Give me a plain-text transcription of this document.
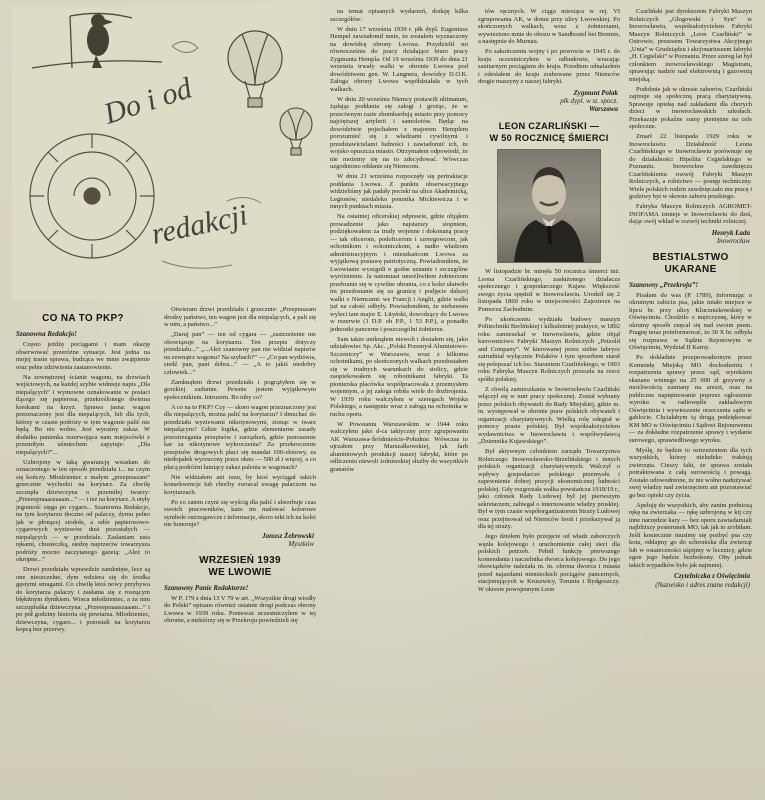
Do i od
redakcji
CO NA TO PKP?
Szanowna Redakcjo!

Często jeżdżę pociągami i mam okazję obserwować przeróżne sytuacje. Jest jedna na mojej trasie sprawa, budząca we mnie zwątpienie oraz pełne zdziwienia zastanowienie.

Na zewnętrznej ścianie wagonu, na drzwiach wejściowych, na każdej szybie widnieje napis „Dla niepalących” i wymowne oznakowanie w postaci tlącego się papierosa, przekreślonego dwiema kreskami na krzyż. Sprawa jasna: wagon przeznaczony jest dla niepalących, lub dla tych, którzy w czasie podróży w tym wagonie palić nie będą. Bo nie wolno. Jest wyraźny zakaz. W dodatku panienka rezerwująca nam miejscówki z przemiłym uśmiechem zapytuje: „Dla niepalących?”...

Uzbrojony w taką gwarancję wsiadam do oznaczonego w ten sposób przedziału i... na czym się kończy. Młodzieniec z małym „przepraszam” grzecznie wychodzi na korytarz. Za chwilę szczupła dziewczyna o przemiłej twarzy: „Przeeepraaaszaaam...” — i też na korytarz. A otyły jegomość sięga po cygaro... Szanowna Redakcjo, na tym korytarzu tłoczno od palaczy, dymu pełno jak w płonącej stodole, a odór papierosowo-cygarowych wyziewów dusi pozostałych — niepalących — w przedziale. Zasłaniam usta rękami, chusteczką, siedzę naprzeciw towarzysza podróży mocno zaczytanego gazetą: „Ależ to okropne...”

Drzwi przedziału wprawdzie zamknięte, lecz są one nieszczelne, dym wdziera się do środka gęstymi smugami. Co chwilę ktoś nowy przybywa do korytarza palaczy i zasłania się z rosnącym błękitnym dymkiem. Wraca młodzieniec, a za nim szczupluśka dziewczyna: „Przeeepraaaszaaam...” i po pół godziny historia się powtarza. Młodzieniec, dziewczyna, cygaro... i pozostali na korytarzu kopcą bez przerwy.

Otwieram drzwi przedziału i grzecznie: „Przepraszam drodzy państwo, ten wagon jest dla niepalących, a pali się w nim, a państwo...”

„Daruj pan” — ten od cygara — „zastrzeżenie nie obowiązuje na korytarzu. Ten przepis dotyczy przedziału...” „...Ależ szanowny pan nie widział napisów na zewnątrz wagonu? Na szybach?” — „Co pan wydziwia, siedź pan, pani dobra...” — „A to jakiś niedobry człowiek...”

Zamknąłem drzwi przedziału i pogrążyłem się w gorzkiej zadumie. Pewnie jestem wyjątkowym społecznikiem. Intruzem. Bo niby co?

A co na to PKP? Czy — skoro wagon przeznaczony jest dla niepalących, można palić na korytarzu? I dmuchać do przedziału wyziewami nikotynowymi, zionąc w twarz niepalącym? Gdzie logika, gdzie elementarne zasady przestrzegania przepisów i zarządzeń, gdzie ponoszenie kar za nikotynowe wykroczenia? Za przekroczenie przepisów drogowych płaci się mandat 100-złotowy, za niedopałek wyrzucony przez okno — 500 zł i więcej, a co płacą podróżni łamiący zakaz palenia w wagonach?

Nie widziałem ani razu, by ktoś wyciągał takich konsekwencje lub choćby zwracał uwagę palaczom na korytarzach.

Po co zatem czyni się wyścig dla palić i absorbuje czas swoich pracowników, każe im malować kolorowe symbole ostrzegawcze i informacje, skoro nikt ich na kolei nie honoruje?

Janusz Żebrowski
Myszków
WRZESIEŃ 1939
WE LWOWIE
Szanowny Panie Redaktorze!

W P. 179 z dnia 13 V 79 w art. „Wszystkie drogi wiodły do Polski” opisano również ostatnie drogi podczas obrony Lwowa w 1939 roku. Ponieważ uczestniczyłem w tej obronie, a niektórzy się w Przekroju powiedzieli się

na temat opisanych wydarzeń, dodaję kilka szczegółów:

W dniu 17 września 1939 r. płk dypl. Eugeniusz Hempel zawiadomił mnie, że zostałem wyznaczony na dowódcę obrony Lwowa. Przydzielił mi równocześnie do pracy działające biuro pracy Zygmunta Hempla. Od 19 września 1939 do dnia 21 września trwały walki w obronie Lwowa pod dowództwem gen. W. Langnera, dowódcy D.O.K. Załoga obrony Lwowa współdziałała w tych walkach.

W dniu 20 września Niemcy postawili ultimatum, żądając poddania się załogi i grożąc, że w przeciwnym razie zbombardują miasto przy pomocy najcięższej artylerii i samolotów. Będąc na dowództwie pojechałem z majorem Hemplem porozumieć się z władzami cywilnymi i przedstawicielami ludności i zawiadomić ich, że wojsko opuszcza miasto. Otrzymałem odpowiedź, że nie możemy się na to zdecydować. Wówczas uzgodniono oddanie się Niemcom.

W dniu 21 września rozpoczęły się pertraktacje poddania Lwowa. Z punktu obserwacyjnego widzieliśmy jak padały pociski na ulice Akademicką, Legionów, niedaleko pomnika Mickiewicza i w innych punktach miasta.

Na ostatniej oficerskiej odprawie, gdzie objąłem prowadzenie jako najstarszy stopniem, podziękowałem za trudy wojenne i dokonaną pracę — tak oficerom, podoficerom i szeregowcom, jak ochotnikom i ochotniczkom, a nadto władzom administracyjnym i mieszkańcom Lwowa za wyjątkową postawę patriotyczną. Powiadomiłem, że Lwowianie wystąpili o godne uznanie i szczególne wyróżnienie. Ja natomiast umożliwiłem żołnierzom przebranie się w cywilne ubrania, co z kolei ułatwiło im przedostanie się za granicę i podjęcie dalszej walki z Niemcami: we Francji i Anglii, gdzie walki już na całość odbyły. Powiadomiłem, że niebawem wyleci tam major E. Lityński, dowodzący do Lwowa w rezerwie (1 D.P. oh P.P., 1 53 P.P.), a ponadto jednostki pancerne i poszczególni żołnierze.

Sam także uniknąłem niewoli i dostałem się, jako udziałowiec Sp. Akc. „Polski Przemysł Aluminiowo-Szczeniczy” w Warszawie, wraz z kilkoma ochotnikami, po skończonych walkach przedostałem się w trudnych warunkach do stolicy, gdzie zaopiekowałem się robotnikami fabryki. Ta pionierska placówka współpracowała z przemysłem wojennym, a jej załoga robiła wiele do dozbrojenia. W 1939 roku walczyłem w szeregach Wojska Polskiego, a następnie wraz z załogą na ochotnika w ruchu oporu.

W Powstaniu Warszawskim w 1944 roku walczyłem jako d-ca taktyczny przy zgrupowaniu AK Warszawa-Śródmieście-Południe. Wówczas to ujrzałem przy Marszałkowskiej, jak farb aluminiowych produkcji naszej fabryki, które po odliczeniu niewoli żołnierskiej służby do wszystkich granatów

tów ręcznych. W ciągu miesiąca w rej. VI zgrupowania AK, w domu przy ulicy Lwowskiej. Po skończonych walkach, wraz z żołnierzami, wywieziono mnie do obozu w Sandbostel bei Bremen, a następnie do Murnau.

Po zakończeniu wojny i po powrocie w 1945 r. do kraju uczestniczyłem w odbudowie, wracając sanitarnym pociągiem do kraju. Przedtem odnalazłem i odesłałem do kraju zrabowane przez Niemców drogie maszyny z naszej fabryki.

Zygmunt Polak
płk dypl. w st. spocz.
Warszawa
LEON CZARLIŃSKI —
W 50 ROCZNICĘ ŚMIERCI

W listopadzie br. minęła 50 rocznica śmierci inż. Leona Czarlińskiego, zasłużonego działacza społecznego i gospodarczego Kujaw. Większość swego życia spędził w Inowrocławiu. Urodził się 2 listopada 1860 roku w miejscowości Zajezierze na Pomorzu Zachodnim.

Po ukończeniu wydziału budowy maszyn Politechniki Berlińskiej i kilkuletniej praktyce, w 1892 roku zamieszkał w Inowrocławiu, gdzie objął kierownictwo Fabryki Maszyn Rolniczych „Petzold and Company”. W kierowanej przez siebie fabryce zatrudniał wyłącznie Polaków i tym sposobem starał się polepszać ich los. Staraniem Czarlińskiego, w 1903 roku Fabryka Maszyn Rolniczych przeszła na rzecz spółki polskiej.

Z chwilą zamieszkania w Inowrocławiu Czarliński włączył się w nurt pracy społecznej. Został wybrany przez polskich obywateli do Rady Miejskiej, gdzie m. in. występował w obronie praw polskich obywateli i organizacji charytatywnych. Wielką rolę odegrał w pomocy prasie polskiej. Był współzałożycielem wydawnictwa w Inowrocławiu i współwydawcą „Dziennika Kujawskiego”.

Był aktywnym członkiem zarządu Towarzystwa Rolniczego Inowrocławsko-Strzelińskiego i innych polskich organizacji charytatywnych. Walczył o wpływy gospodarcze polskiego przemysłu i zapewnienie dobrej pozycji ekonomicznej ludności polskiej. Gdy rozgorzała walka powstańcza 1918/19 r., jako członek Rady Ludowej był jej pierwszym sekretarzem; zabiegał o internowanie władzy pruskiej. Był w tym czasie współorganizatorem Straży Ludowej oraz przejmował od Niemców broń i przekazywał ją dla tej straży.

Jego dziełem było przejęcie od władz zaborczych węzła kolejowego i uruchomienie całej sieci dla polskich potrzeb. Pełnił funkcję pierwszego komendanta i naczelnika dworca kolejowego. Do jego obowiązków należała m. in. obrona dworca i miasta przed najazdami niemieckich pociągów pancernych, stacjonujących w Kruszwicy, Toruniu i Bydgoszczy. W okresie powojennym Leon

Czarliński jest dyrektorem Fabryki Maszyn Rolniczych „Głogowski i Syn” w Inowrocławiu, współzałożycielem Fabryki Maszyn Rolniczych „Leon Czarliński” w Ostrowie, prezesem Towarzystwa Akcyjnego „Unia” w Grudziądzu i akcjonariuszem fabryki „H. Cegielski” w Poznaniu. Przez szereg lat był członkiem inowrocławskiego Magistratu, sprawując nadzór nad elektrownią i gazownią miejską.

Podobnie jak w okresie zaborów, Czarliński zajmuje się społeczną pracą charytatywną. Sprawuje opiekę nad zakładami dla chorych dzieci w inowrocławskich szkołach. Przekazuje pokaźne sumy pieniężne na cele społeczne.

Zmarł 22 listopada 1929 roku w Inowrocławiu. Działalność Leona Czarlińskiego w Inowrocławiu porównuje się do działalności Hipolita Cegielskiego w Poznaniu. Inowrocław zawdzięcza Czarlińskiemu rozwój Fabryki Maszyn Rolniczych, a rolnictwo — postęp techniczny. Wiele polskich rodzin zawdzięczało mu pracę i godziwy byt w okresie zaboru pruskiego.

Fabryka Maszyn Rolniczych AGROMET-INOFAMA istnieje w Inowrocławiu do dziś, dając swój wkład w rozwój techniki rolniczej.

Henryk Łada
Inowrocław
BESTIALSTWO
UKARANE
Szanowny „Przekroju”!

Pisałam do was (P. 1789), informując o okrutnym zabiciu psa, jakie miało miejsce w lipcu br. przy ulicy Kluczniskowskiej w Oświęcimiu. Chodziło o mężczyznę, który w okrutny sposób znęcał się nad swoim psem. Pragnę teraz poinformować, że 30 X br. odbyła się rozprawa w Sądzie Rejonowym w Oświęcimiu, Wydział II Karny.

Po dokładnie przeprowadzonym przez Komendę Miejską MO dochodzeniu i rozpatrzeniu sprawy przez sąd, wyrokiem skazano winnego na 25 000 zł grzywny z możliwością zamiany na areszt, oraz na publiczne napiętnowanie poprzez ogłoszenie wyroku w radiowęźle zakładowym Oświęcimia i wywieszenie orzeczenia sądu w gablocie. Chciałabym tą drogą podziękować KM MO w Oświęcimiu i Sądowi Rejonowemu — za dokładne rozpatrzenie sprawy i wydanie surowego, sprawiedliwego wyroku.

Myślę, że będzie to ostrzeżeniem dla tych wszystkich, którzy nieludzko traktują zwierzęta. Cieszy fakt, że sprawa została potraktowana z całą surowością i powagą. Zostało udowodnione, że nie wolno nadużywać swej władzy nad zwierzęciem ani pozostawiać go bez opieki czy życia.

Apeluję do wszystkich, aby zanim podniosą rękę na zwierzaka — rękę uzbrojoną w kij czy inne narzędzie kary — bez oporu zawiadamiali najbliższy posterunek MO, tak jak to zrobiłam. Jeśli koniecznie musimy się pozbyć psa czy kota, oddajmy go do schroniska dla zwierząt lub w ostateczności uśpijmy w lecznicy, gdzie zgon jego będzie bezbolesny. Oby jednak takich wypadków było jak najmniej.

Czytelniczka z Oświęcimia
(Nazwisko i adres znane redakcji)
